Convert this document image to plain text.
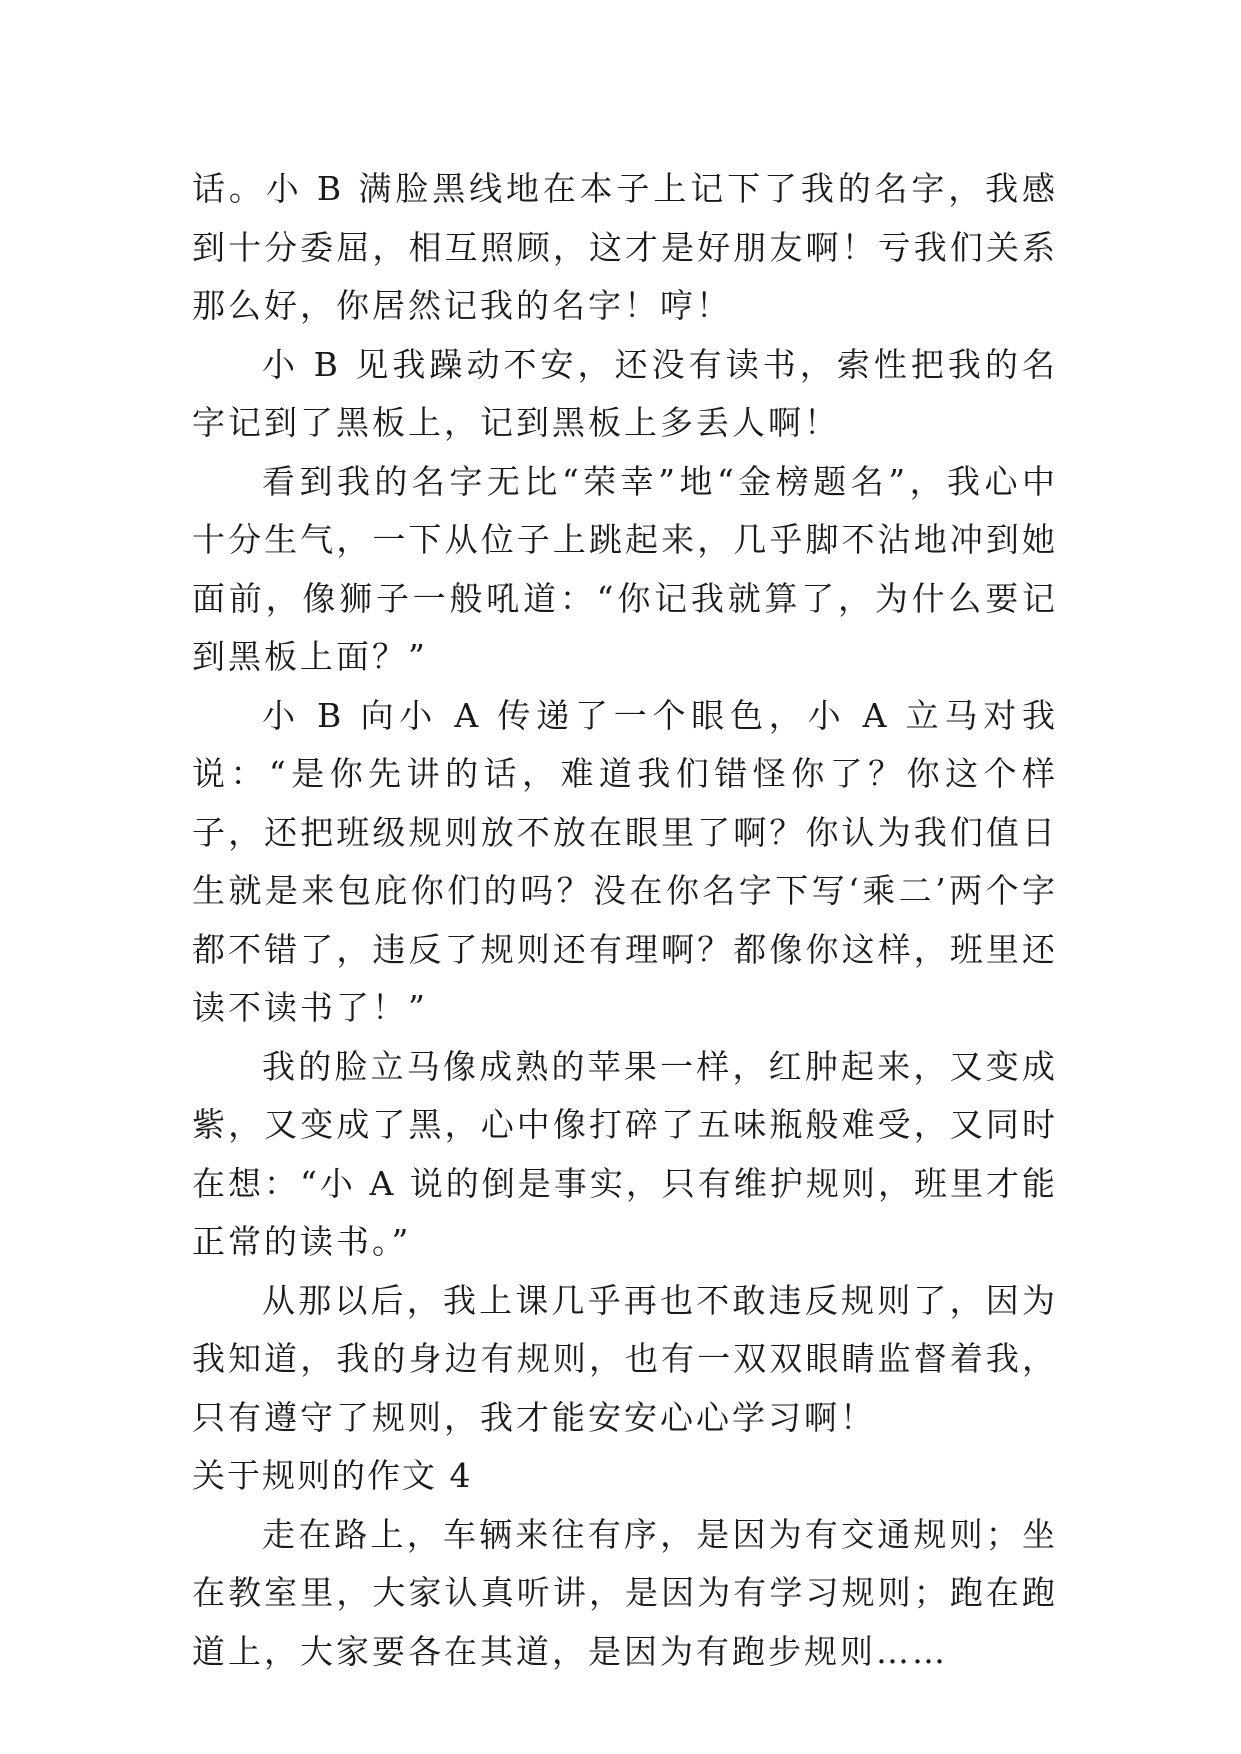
话。小 B 满脸黑线地在本子上记下了我的名字，我感到十分委屈，相互照顾，这才是好朋友啊！亏我们关系那么好，你居然记我的名字！哼！

小 B 见我躁动不安，还没有读书，索性把我的名字记到了黑板上，记到黑板上多丢人啊！

看到我的名字无比“荣幸”地“金榜题名”，我心中十分生气，一下从位子上跳起来，几乎脚不沾地冲到她面前，像狮子一般吼道：“你记我就算了，为什么要记到黑板上面？”

小 B 向小 A 传递了一个眼色，小 A 立马对我说：“是你先讲的话，难道我们错怪你了？你这个样子，还把班级规则放不放在眼里了啊？你认为我们值日生就是来包庇你们的吗？没在你名字下写‘乘二’两个字都不错了，违反了规则还有理啊？都像你这样，班里还读不读书了！”

我的脸立马像成熟的苹果一样，红肿起来，又变成紫，又变成了黑，心中像打碎了五味瓶般难受，又同时在想：“小 A 说的倒是事实，只有维护规则，班里才能正常的读书。”

从那以后，我上课几乎再也不敢违反规则了，因为我知道，我的身边有规则，也有一双双眼睛监督着我，只有遵守了规则，我才能安安心心学习啊！

关于规则的作文 4

走在路上，车辆来往有序，是因为有交通规则；坐在教室里，大家认真听讲，是因为有学习规则；跑在跑道上，大家要各在其道，是因为有跑步规则……
